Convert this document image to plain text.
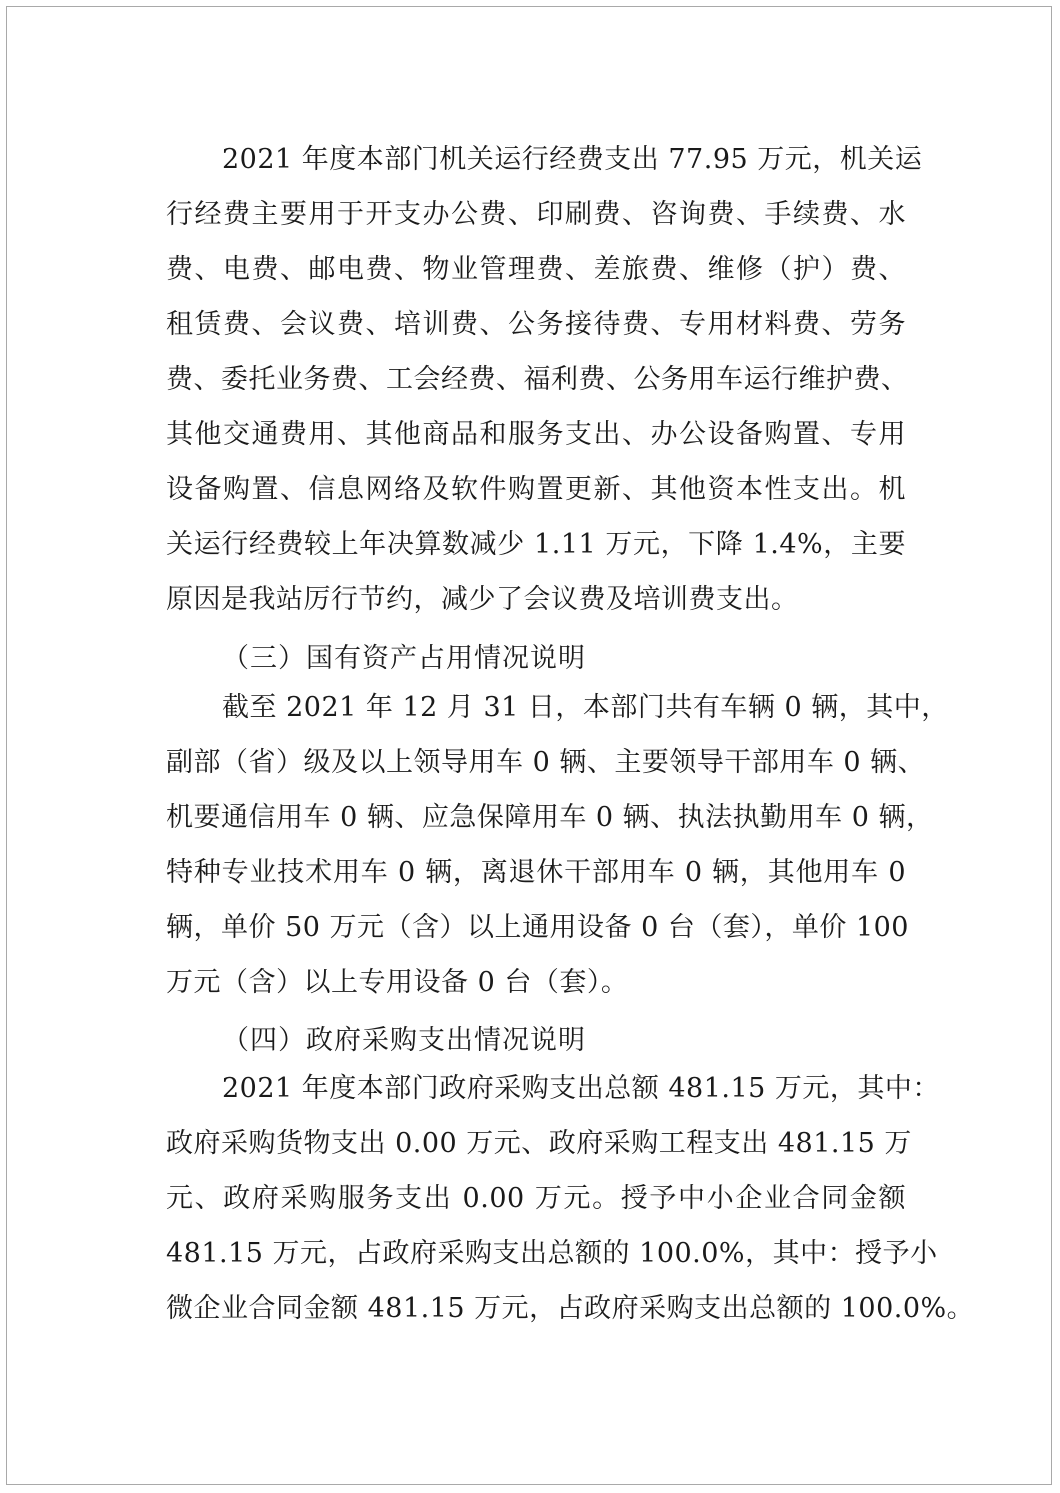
2021 年度本部门机关运行经费支出 77.95 万元，机关运
行经费主要用于开支办公费、印刷费、咨询费、手续费、水
费、电费、邮电费、物业管理费、差旅费、维修（护）费、
租赁费、会议费、培训费、公务接待费、专用材料费、劳务
费、委托业务费、工会经费、福利费、公务用车运行维护费、
其他交通费用、其他商品和服务支出、办公设备购置、专用
设备购置、信息网络及软件购置更新、其他资本性支出。机
关运行经费较上年决算数减少 1.11 万元，下降 1.4%，主要
原因是我站厉行节约，减少了会议费及培训费支出。
（三）国有资产占用情况说明
截至 2021 年 12 月 31 日，本部门共有车辆 0 辆，其中，
副部（省）级及以上领导用车 0 辆、主要领导干部用车 0 辆、
机要通信用车 0 辆、应急保障用车 0 辆、执法执勤用车 0 辆，
特种专业技术用车 0 辆，离退休干部用车 0 辆，其他用车 0
辆，单价 50 万元（含）以上通用设备 0 台（套），单价 100
万元（含）以上专用设备 0 台（套）。
（四）政府采购支出情况说明
2021 年度本部门政府采购支出总额 481.15 万元，其中：
政府采购货物支出 0.00 万元、政府采购工程支出 481.15 万
元、政府采购服务支出 0.00 万元。授予中小企业合同金额
481.15 万元，占政府采购支出总额的 100.0%，其中：授予小
微企业合同金额 481.15 万元，占政府采购支出总额的 100.0%。
